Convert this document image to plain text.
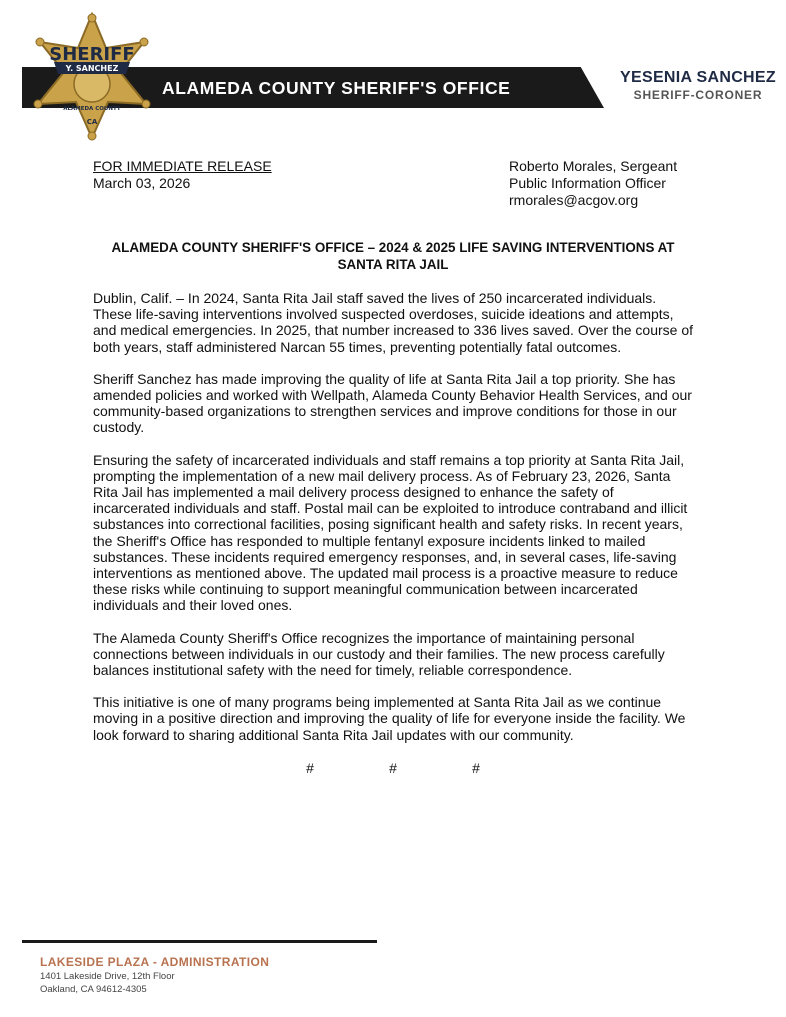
ALAMEDA COUNTY SHERIFF'S OFFICE
SHERIFF
Y. SANCHEZ
ALAMEDA COUNTY
CA
YESENIA SANCHEZ
SHERIFF-CORONER
FOR IMMEDIATE RELEASE
March 03, 2026
Roberto Morales, Sergeant
Public Information Officer
rmorales@acgov.org
ALAMEDA COUNTY SHERIFF'S OFFICE – 2024 & 2025 LIFE SAVING INTERVENTIONS AT SANTA RITA JAIL

Dublin, Calif. – In 2024, Santa Rita Jail staff saved the lives of 250 incarcerated individuals. These life-saving interventions involved suspected overdoses, suicide ideations and attempts, and medical emergencies. In 2025, that number increased to 336 lives saved. Over the course of both years, staff administered Narcan 55 times, preventing potentially fatal outcomes.

Sheriff Sanchez has made improving the quality of life at Santa Rita Jail a top priority. She has amended policies and worked with Wellpath, Alameda County Behavior Health Services, and our community-based organizations to strengthen services and improve conditions for those in our custody.

Ensuring the safety of incarcerated individuals and staff remains a top priority at Santa Rita Jail, prompting the implementation of a new mail delivery process. As of February 23, 2026, Santa Rita Jail has implemented a mail delivery process designed to enhance the safety of incarcerated individuals and staff. Postal mail can be exploited to introduce contraband and illicit substances into correctional facilities, posing significant health and safety risks. In recent years, the Sheriff's Office has responded to multiple fentanyl exposure incidents linked to mailed substances. These incidents required emergency responses, and, in several cases, life-saving interventions as mentioned above. The updated mail process is a proactive measure to reduce these risks while continuing to support meaningful communication between incarcerated individuals and their loved ones.

The Alameda County Sheriff's Office recognizes the importance of maintaining personal connections between individuals in our custody and their families. The new process carefully balances institutional safety with the need for timely, reliable correspondence.

This initiative is one of many programs being implemented at Santa Rita Jail as we continue moving in a positive direction and improving the quality of life for everyone inside the facility. We look forward to sharing additional Santa Rita Jail updates with our community.

#	#	#
LAKESIDE PLAZA - ADMINISTRATION
1401 Lakeside Drive, 12th Floor
Oakland, CA 94612-4305
